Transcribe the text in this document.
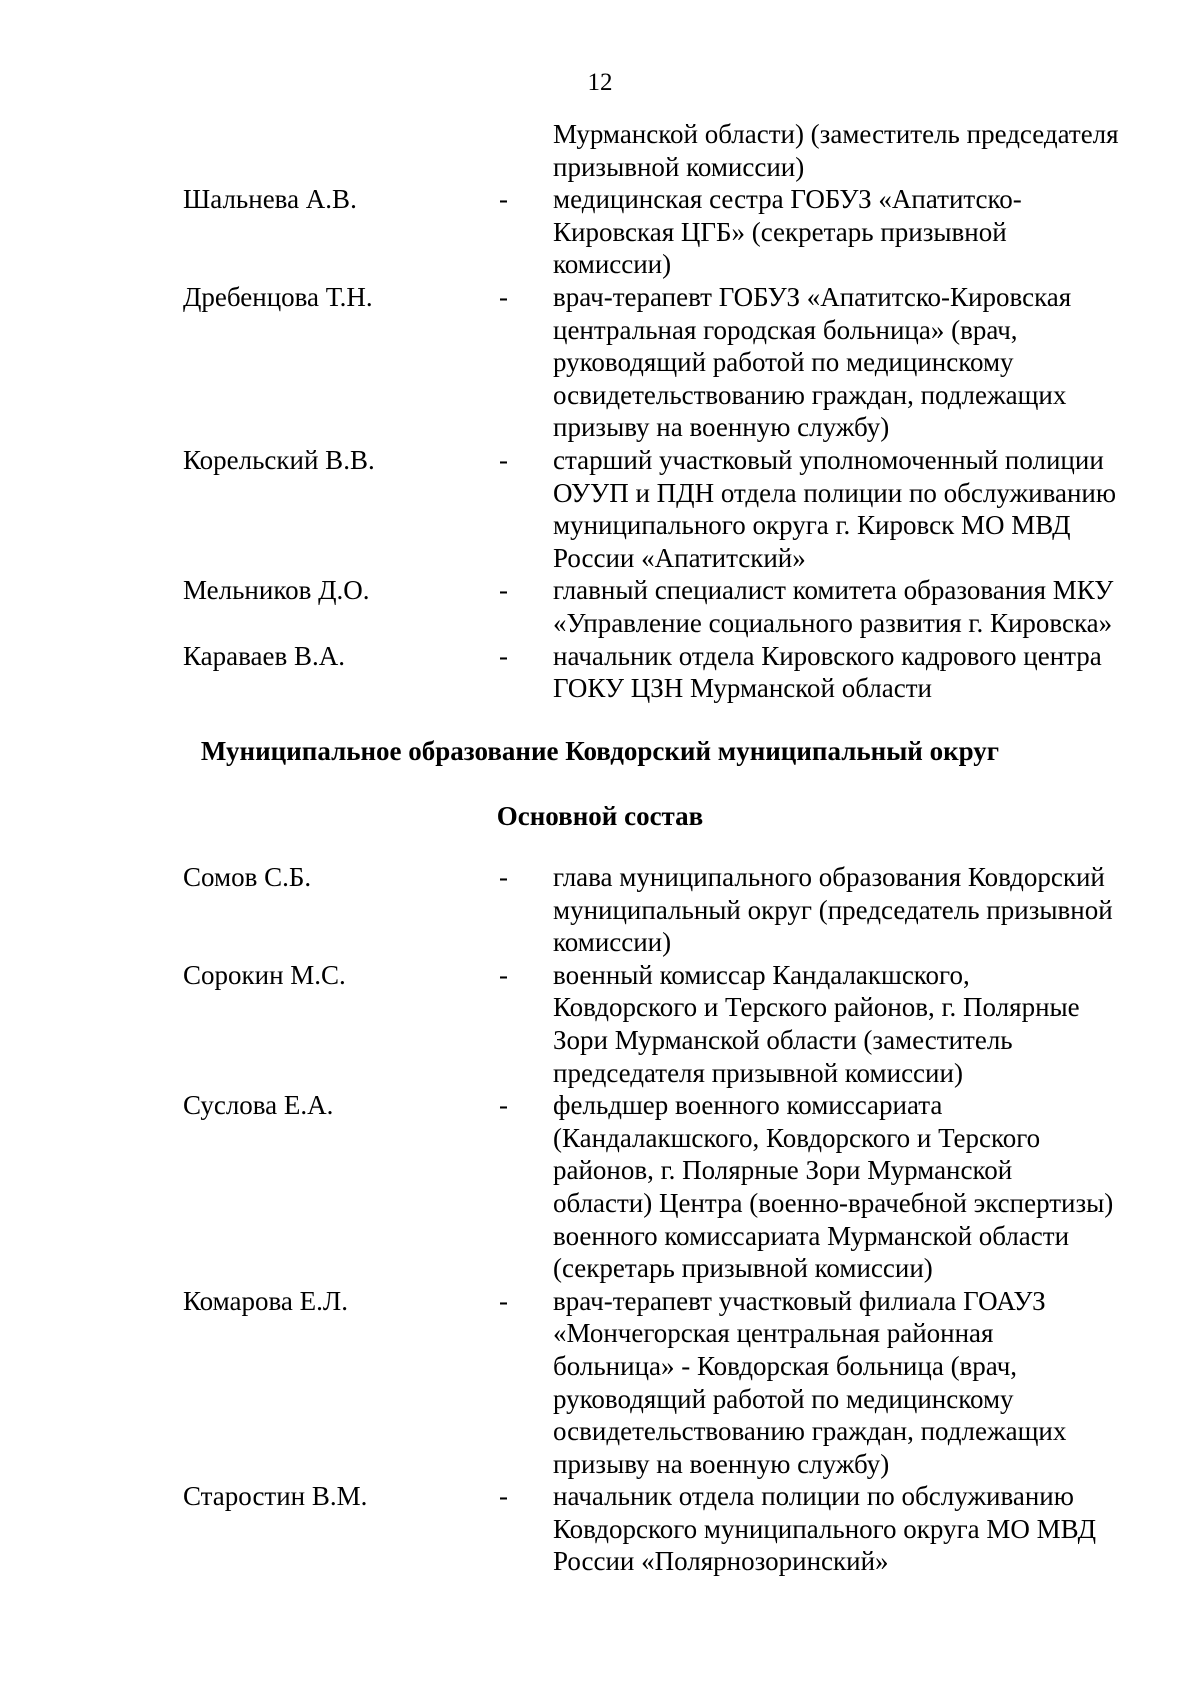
12
Мурманской области) (заместитель председателя
призывной комиссии)
Шальнева А.В.	- медицинская сестра ГОБУЗ «Апатитско-
Кировская ЦГБ» (секретарь призывной
комиссии)
Дребенцова Т.Н.	- врач-терапевт ГОБУЗ «Апатитско-Кировская
центральная городская больница» (врач,
руководящий работой по медицинскому
освидетельствованию граждан, подлежащих
призыву на военную службу)
Корельский В.В.	- старший участковый уполномоченный полиции
ОУУП и ПДН отдела полиции по обслуживанию
муниципального округа г. Кировск МО МВД
России «Апатитский»
Мельников Д.О.	- главный специалист комитета образования МКУ
«Управление социального развития г. Кировска»
Караваев В.А.	- начальник отдела Кировского кадрового центра
ГОКУ ЦЗН Мурманской области
Муниципальное образование Ковдорский муниципальный округ
Основной состав
Сомов С.Б.	- глава муниципального образования Ковдорский
муниципальный округ (председатель призывной
комиссии)
Сорокин М.С.	- военный комиссар Кандалакшского,
Ковдорского и Терского районов, г. Полярные
Зори Мурманской области (заместитель
председателя призывной комиссии)
Суслова Е.А.	- фельдшер военного комиссариата
(Кандалакшского, Ковдорского и Терского
районов, г. Полярные Зори Мурманской
области) Центра (военно-врачебной экспертизы)
военного комиссариата Мурманской области
(секретарь призывной комиссии)
Комарова Е.Л.	- врач-терапевт участковый филиала ГОАУЗ
«Мончегорская центральная районная
больница» - Ковдорская больница (врач,
руководящий работой по медицинскому
освидетельствованию граждан, подлежащих
призыву на военную службу)
Старостин В.М.	- начальник отдела полиции по обслуживанию
Ковдорского муниципального округа МО МВД
России «Полярнозоринский»
